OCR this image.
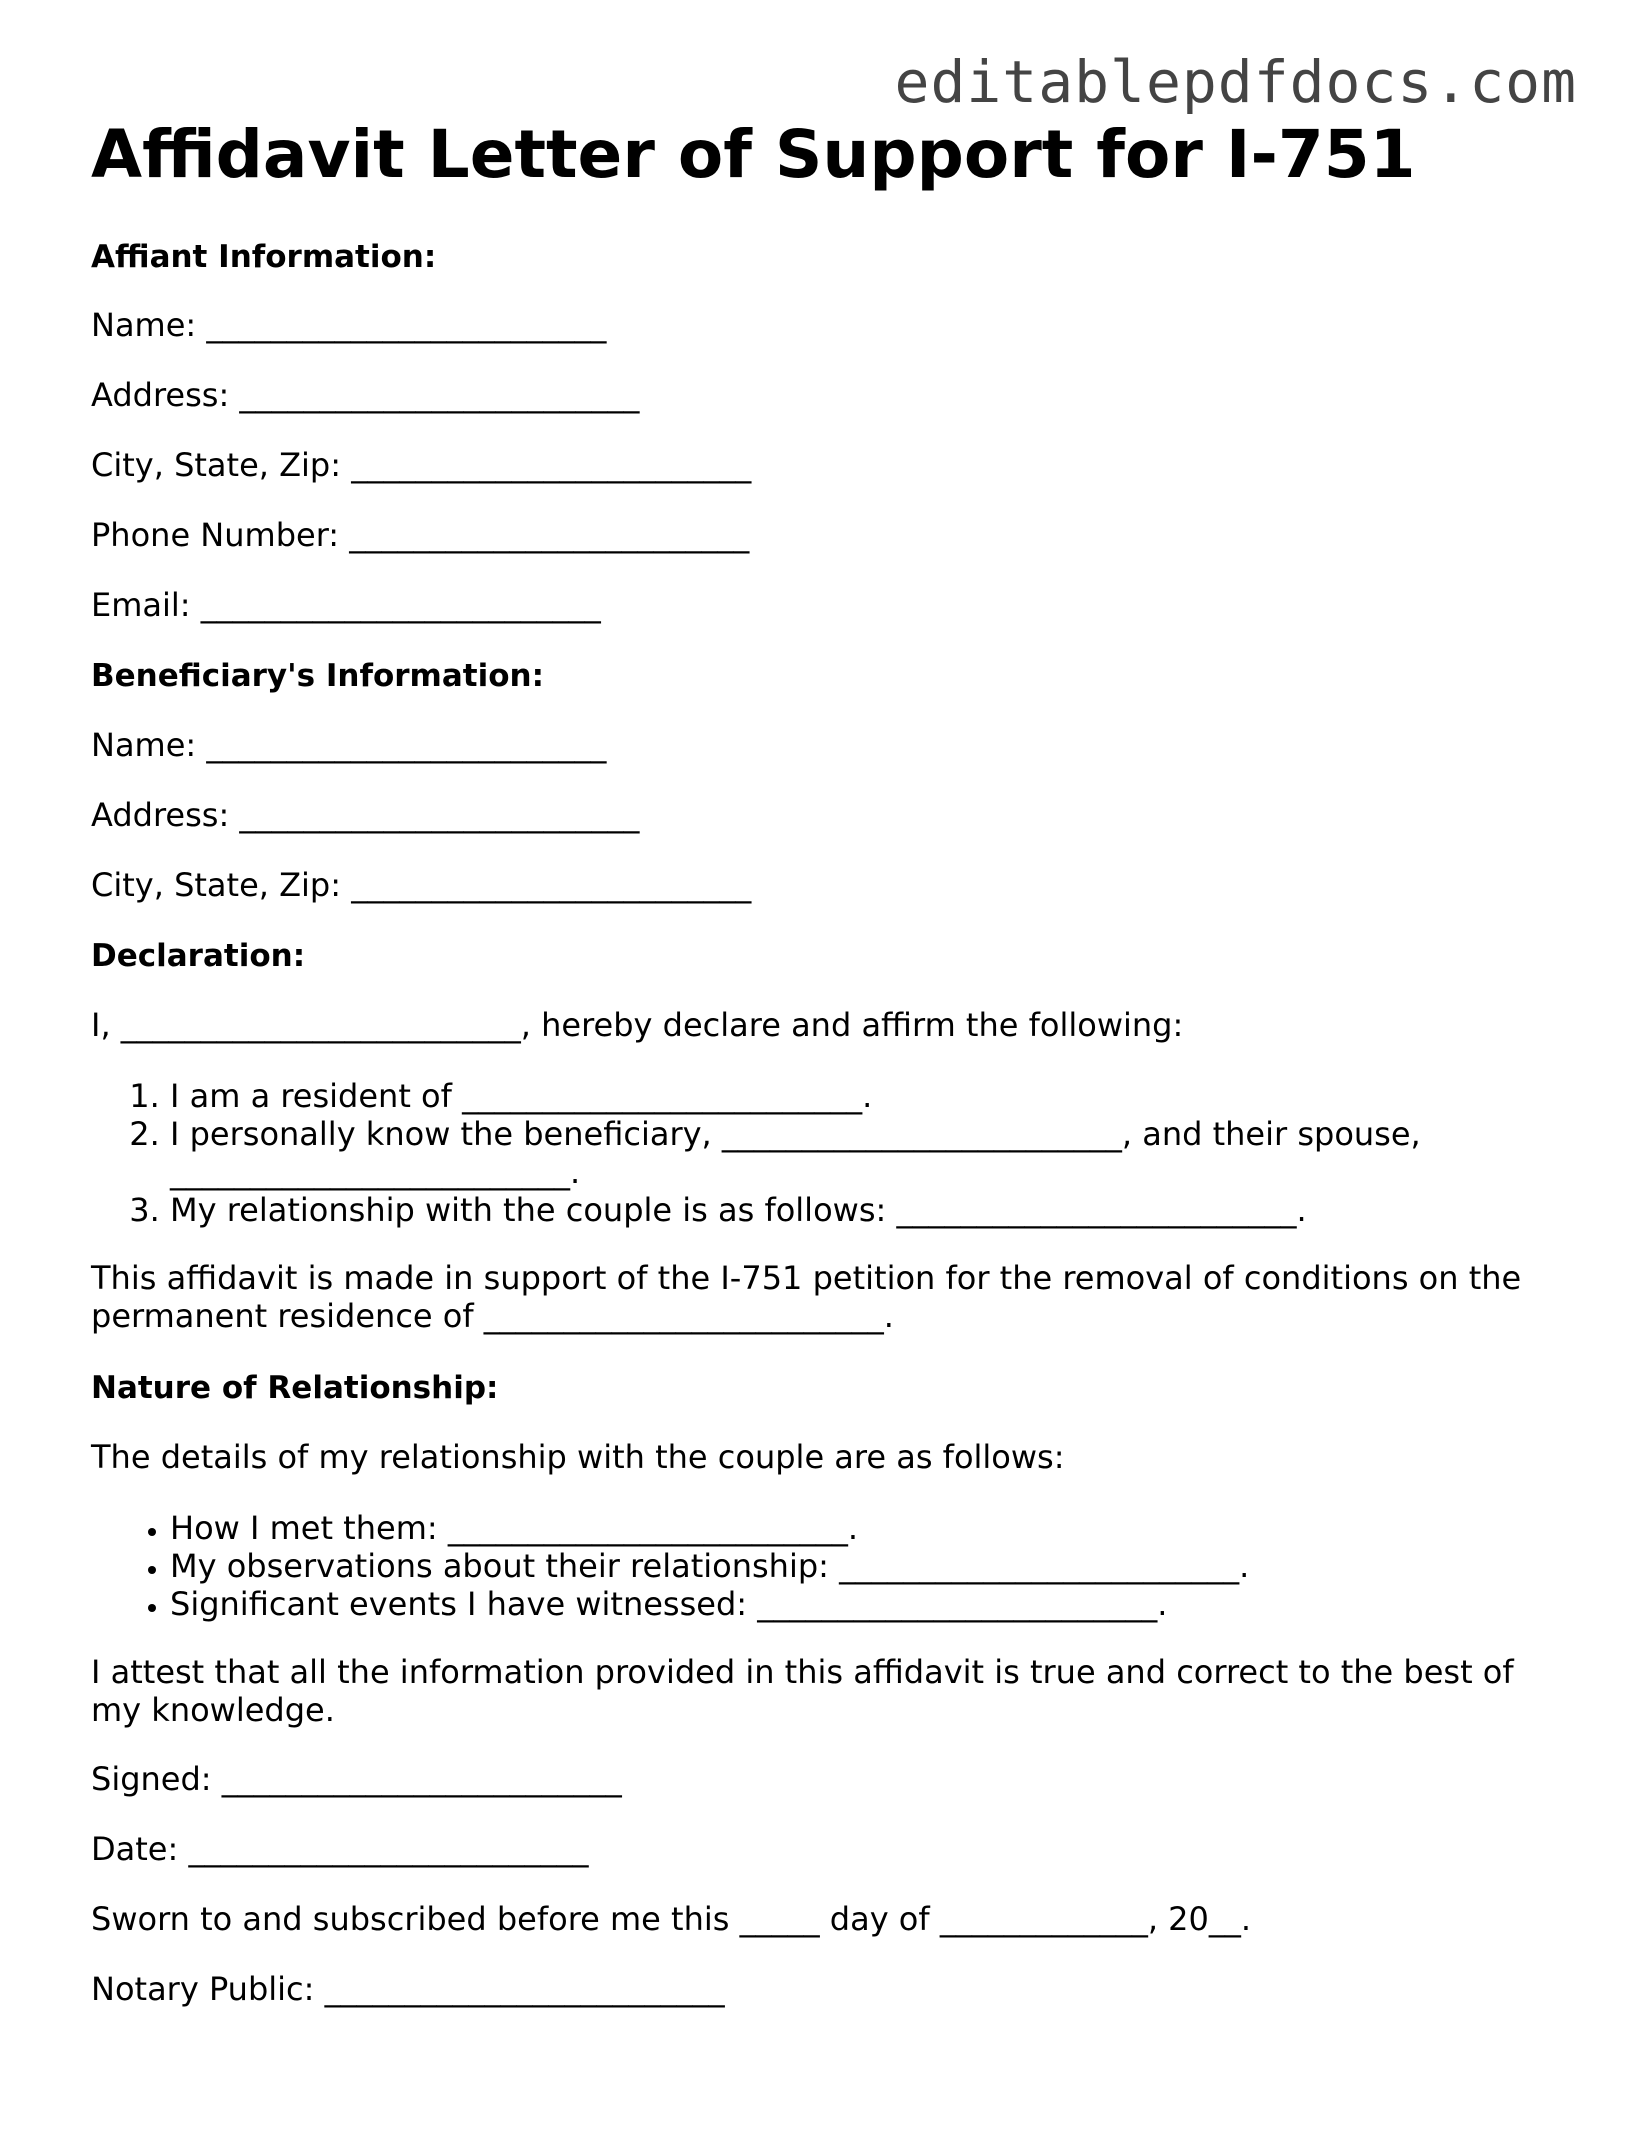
editablepdfdocs.com
Affidavit Letter of Support for I-751
Affiant Information:
Name: _________________________
Address: _________________________
City, State, Zip: _________________________
Phone Number: _________________________
Email: _________________________
Beneficiary's Information:
Name: _________________________
Address: _________________________
City, State, Zip: _________________________
Declaration:
I, _________________________, hereby declare and affirm the following:
1. I am a resident of _________________________.
2. I personally know the beneficiary, _________________________, and their spouse, _________________________.
3. My relationship with the couple is as follows: _________________________.
This affidavit is made in support of the I-751 petition for the removal of conditions on the permanent residence of _________________________.
Nature of Relationship:
The details of my relationship with the couple are as follows:
• How I met them: _________________________.
• My observations about their relationship: _________________________.
• Significant events I have witnessed: _________________________.
I attest that all the information provided in this affidavit is true and correct to the best of my knowledge.
Signed: _________________________
Date: _________________________
Sworn to and subscribed before me this _____ day of _____________, 20__.
Notary Public: _________________________
